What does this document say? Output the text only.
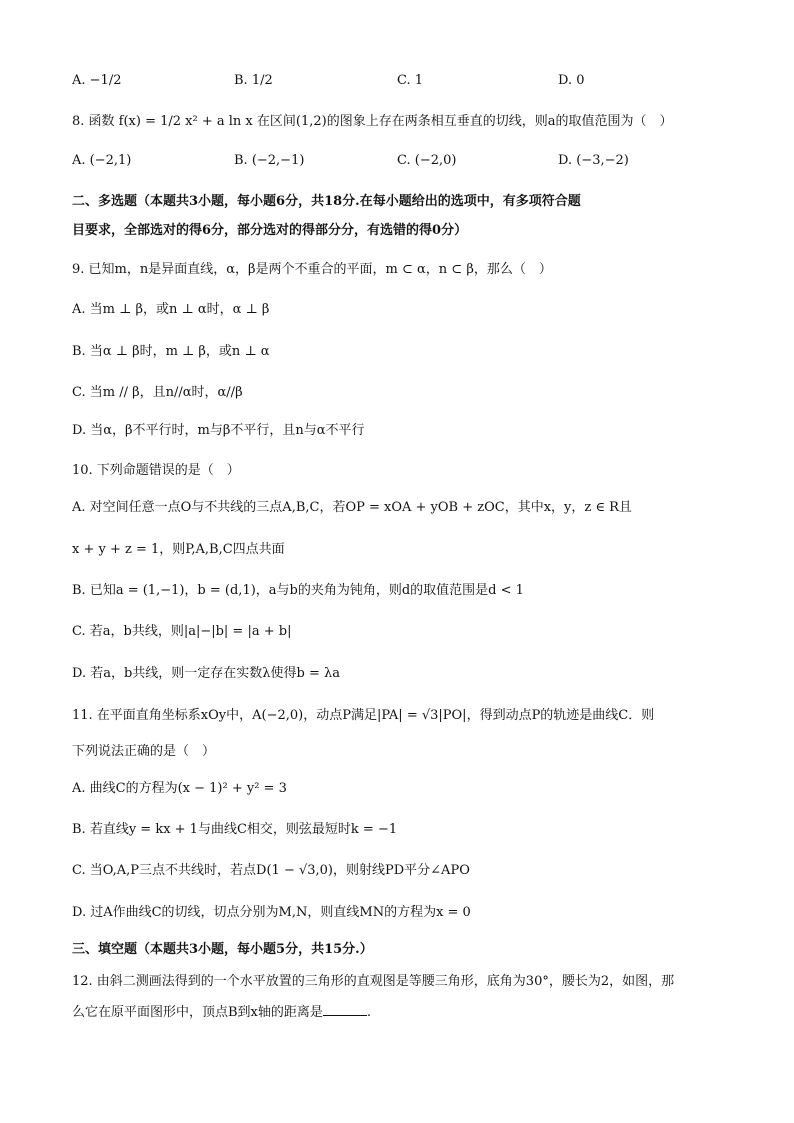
A. −1/2	B. 1/2	C. 1	D. 0
8. 函数 f(x) = 1/2 x² + a ln x 在区间(1,2)的图象上存在两条相互垂直的切线，则a的取值范围为（　）
A. (−2,1)	B. (−2,−1)	C. (−2,0)	D. (−3,−2)
二、多选题（本题共3小题，每小题6分，共18分.在每小题给出的选项中，有多项符合题
目要求，全部选对的得6分，部分选对的得部分分，有选错的得0分）
9. 已知m，n是异面直线，α，β是两个不重合的平面，m ⊂ α，n ⊂ β，那么（　）
A. 当m ⊥ β，或n ⊥ α时，α ⊥ β
B. 当α ⊥ β时，m ⊥ β，或n ⊥ α
C. 当m // β，且n//α时，α//β
D. 当α，β不平行时，m与β不平行，且n与α不平行
10. 下列命题错误的是（　）
A. 对空间任意一点O与不共线的三点A,B,C，若OP = xOA + yOB + zOC，其中x，y，z ∈ R且
x + y + z = 1，则P,A,B,C四点共面
B. 已知a = (1,−1)，b = (d,1)，a与b的夹角为钝角，则d的取值范围是d < 1
C. 若a，b共线，则|a|−|b| = |a + b|
D. 若a，b共线，则一定存在实数λ使得b = λa
11. 在平面直角坐标系xOy中，A(−2,0)，动点P满足|PA| = √3|PO|，得到动点P的轨迹是曲线C．则
下列说法正确的是（　）
A. 曲线C的方程为(x − 1)² + y² = 3
B. 若直线y = kx + 1与曲线C相交，则弦最短时k = −1
C. 当O,A,P三点不共线时，若点D(1 − √3,0)，则射线PD平分∠APO
D. 过A作曲线C的切线，切点分别为M,N，则直线MN的方程为x = 0
三、填空题（本题共3小题，每小题5分，共15分.）
12. 由斜二测画法得到的一个水平放置的三角形的直观图是等腰三角形，底角为30°，腰长为2，如图，那
么它在原平面图形中，顶点B到x轴的距离是	.
